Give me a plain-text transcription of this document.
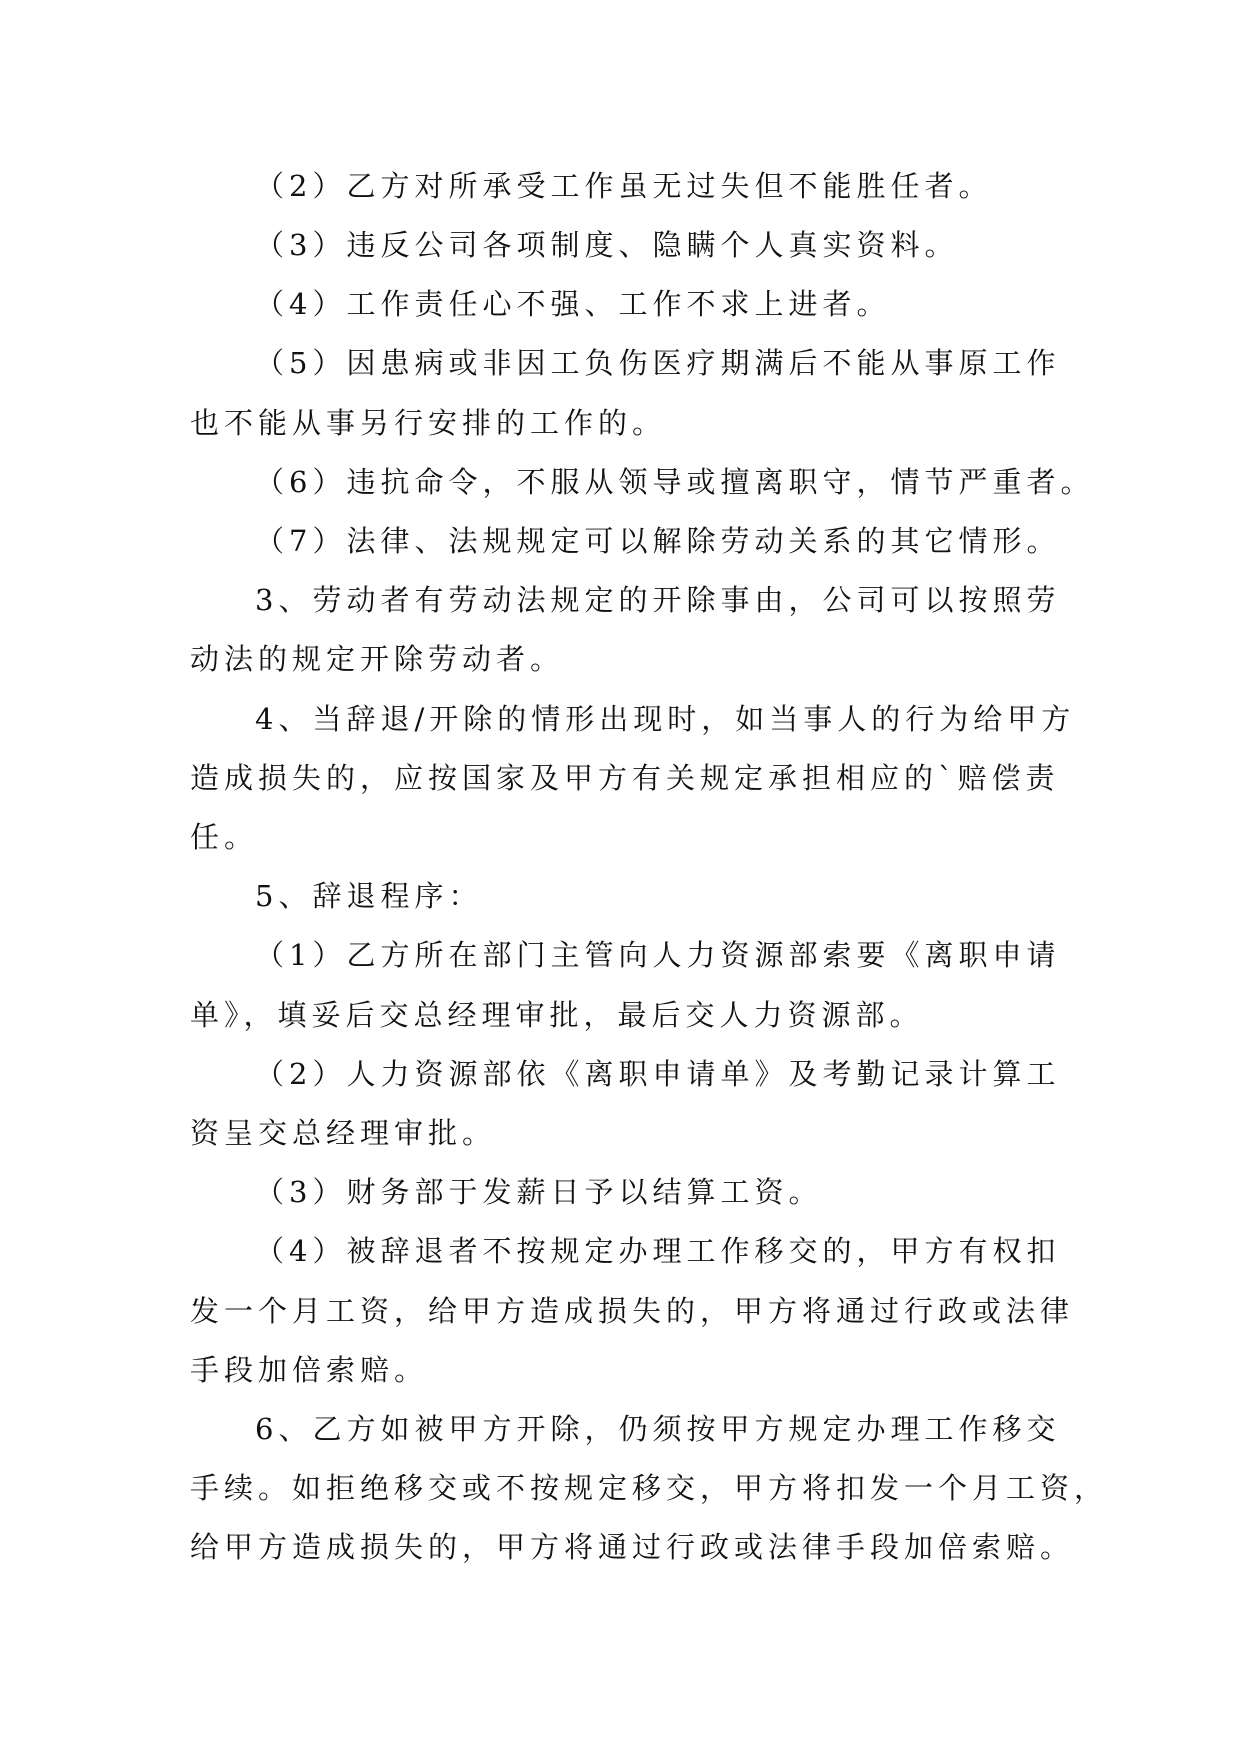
（2）乙方对所承受工作虽无过失但不能胜任者。
（3）违反公司各项制度、隐瞒个人真实资料。
（4）工作责任心不强、工作不求上进者。
（5）因患病或非因工负伤医疗期满后不能从事原工作
也不能从事另行安排的工作的。
（6）违抗命令，不服从领导或擅离职守，情节严重者。
（7）法律、法规规定可以解除劳动关系的其它情形。
3、劳动者有劳动法规定的开除事由，公司可以按照劳
动法的规定开除劳动者。
4、当辞退/开除的情形出现时，如当事人的行为给甲方
造成损失的，应按国家及甲方有关规定承担相应的`赔偿责
任。
5、辞退程序：
（1）乙方所在部门主管向人力资源部索要《离职申请
单》，填妥后交总经理审批，最后交人力资源部。
（2）人力资源部依《离职申请单》及考勤记录计算工
资呈交总经理审批。
（3）财务部于发薪日予以结算工资。
（4）被辞退者不按规定办理工作移交的，甲方有权扣
发一个月工资，给甲方造成损失的，甲方将通过行政或法律
手段加倍索赔。
6、乙方如被甲方开除，仍须按甲方规定办理工作移交
手续。如拒绝移交或不按规定移交，甲方将扣发一个月工资，
给甲方造成损失的，甲方将通过行政或法律手段加倍索赔。
